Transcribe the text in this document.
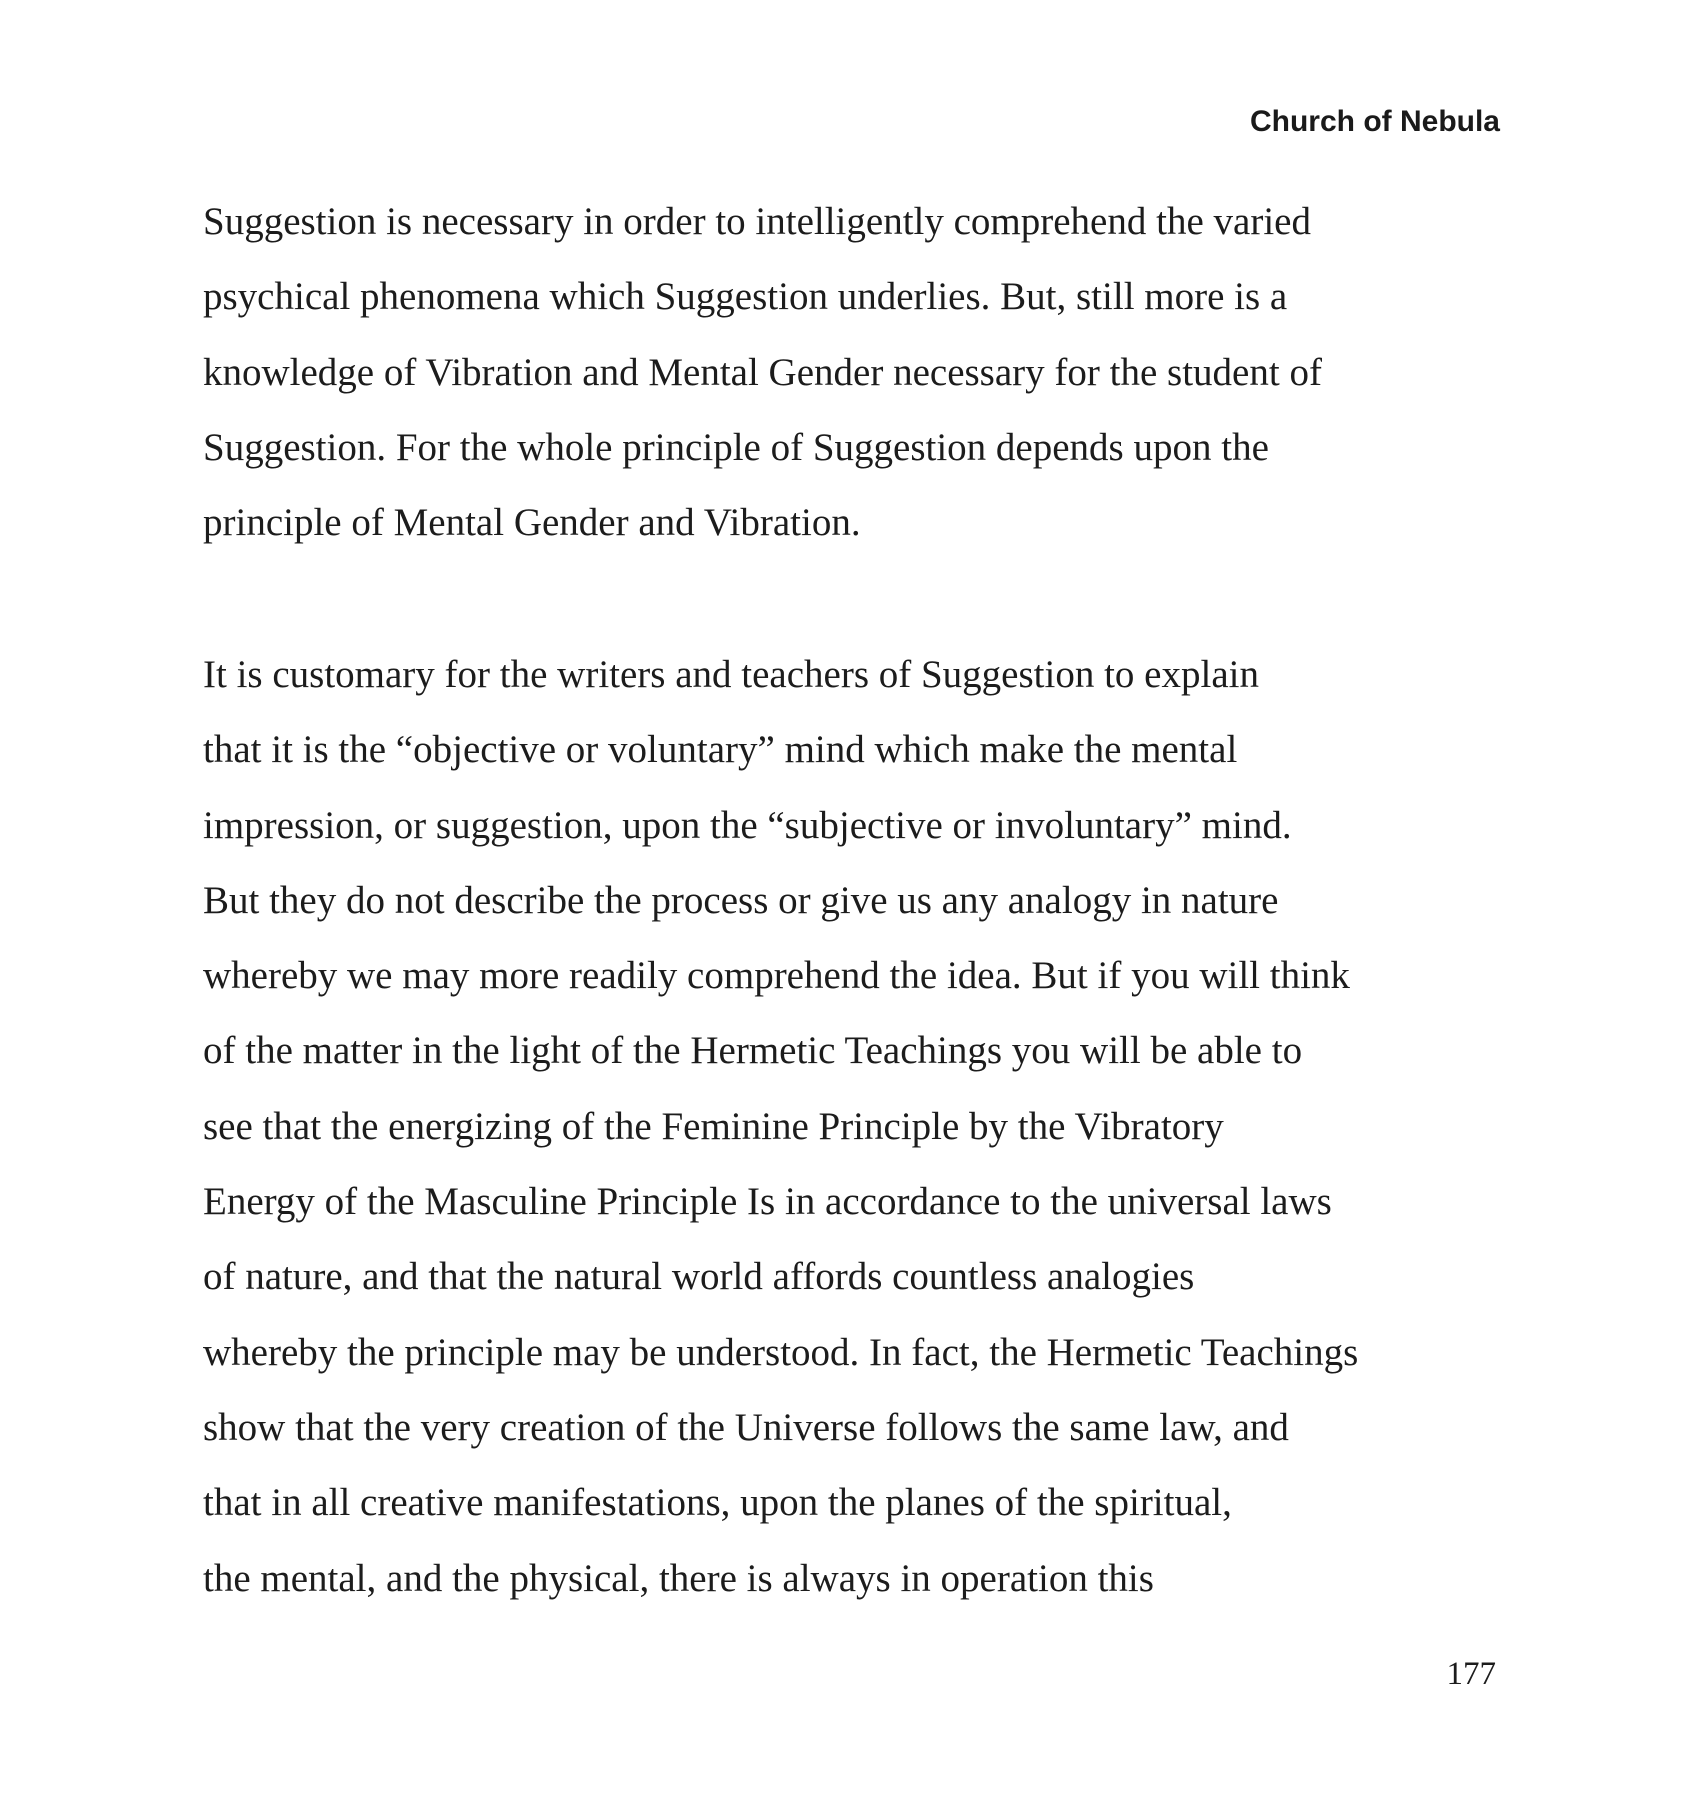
Church of Nebula
Suggestion is necessary in order to intelligently comprehend the varied
psychical phenomena which Suggestion underlies. But, still more is a
knowledge of Vibration and Mental Gender necessary for the student of
Suggestion. For the whole principle of Suggestion depends upon the
principle of Mental Gender and Vibration.
It is customary for the writers and teachers of Suggestion to explain
that it is the “objective or voluntary” mind which make the mental
impression, or suggestion, upon the “subjective or involuntary” mind.
But they do not describe the process or give us any analogy in nature
whereby we may more readily comprehend the idea. But if you will think
of the matter in the light of the Hermetic Teachings you will be able to
see that the energizing of the Feminine Principle by the Vibratory
Energy of the Masculine Principle Is in accordance to the universal laws
of nature, and that the natural world affords countless analogies
whereby the principle may be understood. In fact, the Hermetic Teachings
show that the very creation of the Universe follows the same law, and
that in all creative manifestations, upon the planes of the spiritual,
the mental, and the physical, there is always in operation this
177
